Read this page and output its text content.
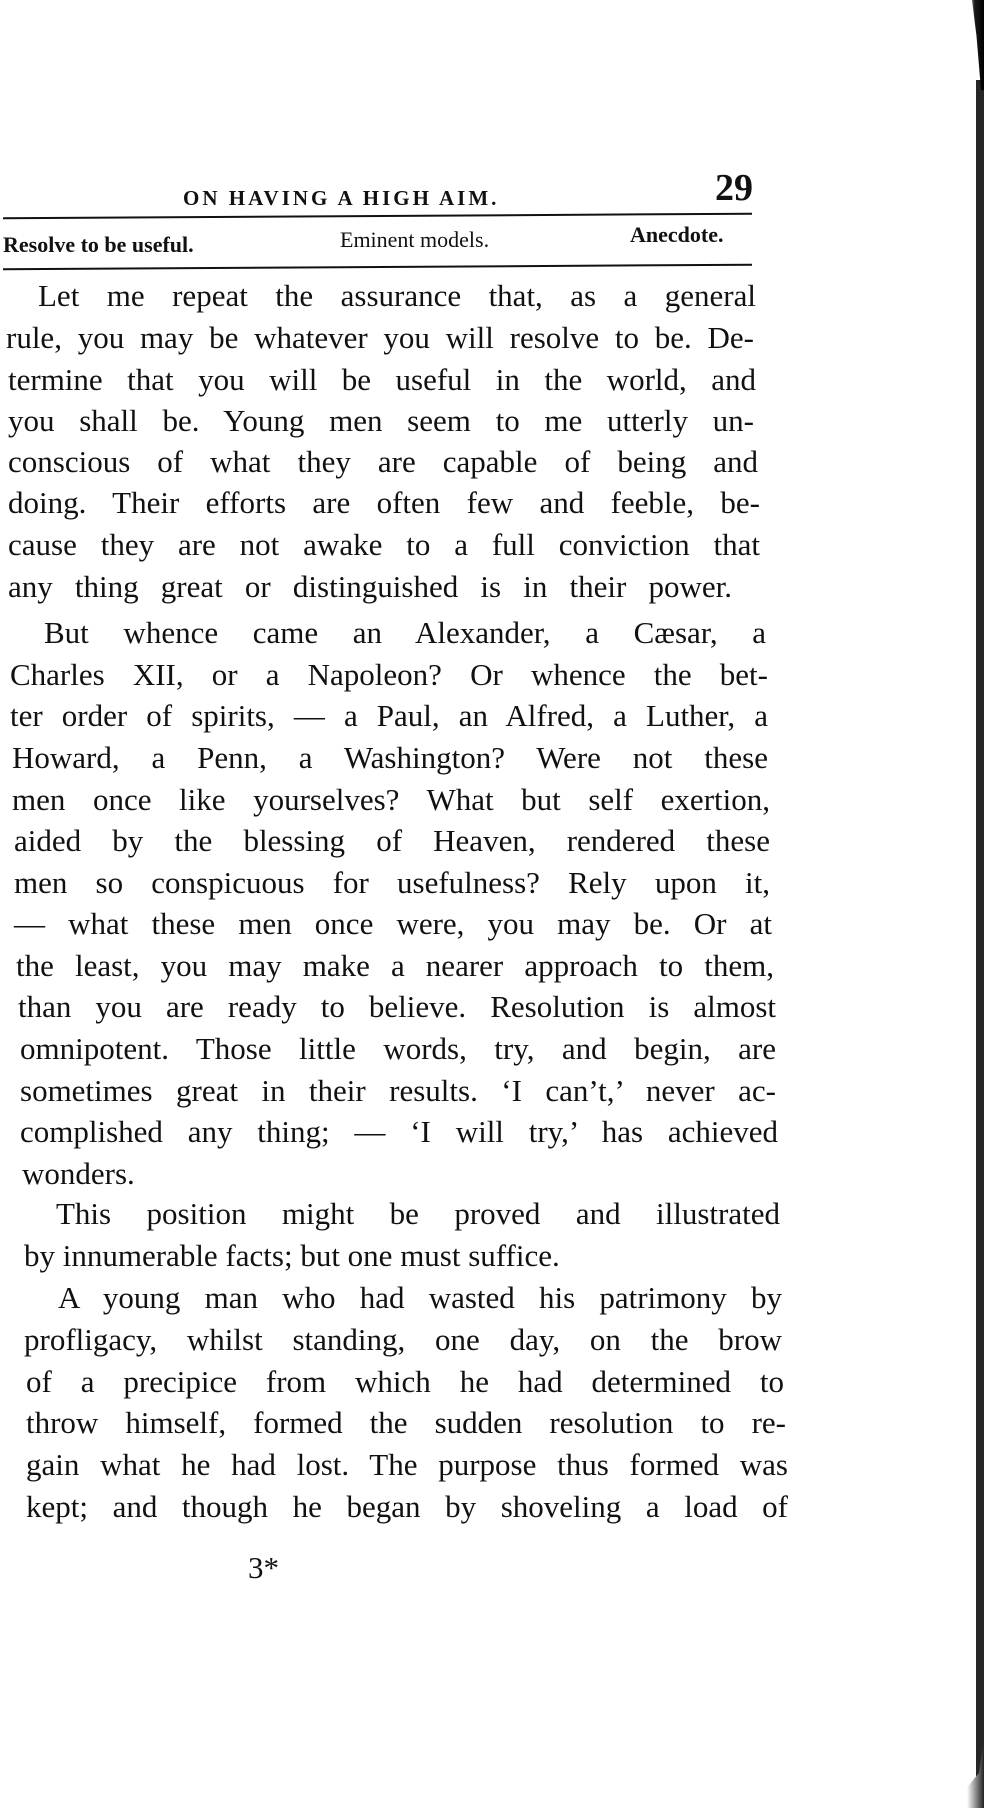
ON HAVING A HIGH AIM.	29
Resolve to be useful.	Eminent models.	Anecdote.
Let me repeat the assurance that, as a general
rule, you may be whatever you will resolve to be. De-
termine that you will be useful in the world, and
you shall be. Young men seem to me utterly un-
conscious of what they are capable of being and
doing. Their efforts are often few and feeble, be-
cause they are not awake to a full conviction that
any thing great or distinguished is in their power.
But whence came an Alexander, a Cæsar, a
Charles XII, or a Napoleon? Or whence the bet-
ter order of spirits, — a Paul, an Alfred, a Luther, a
Howard, a Penn, a Washington? Were not these
men once like yourselves? What but self exertion,
aided by the blessing of Heaven, rendered these
men so conspicuous for usefulness? Rely upon it,
— what these men once were, you may be. Or at
the least, you may make a nearer approach to them,
than you are ready to believe. Resolution is almost
omnipotent. Those little words, try, and begin, are
sometimes great in their results. ‘I can’t,’ never ac-
complished any thing; — ‘I will try,’ has achieved
wonders.
This position might be proved and illustrated
by innumerable facts; but one must suffice.
A young man who had wasted his patrimony by
profligacy, whilst standing, one day, on the brow
of a precipice from which he had determined to
throw himself, formed the sudden resolution to re-
gain what he had lost. The purpose thus formed was
kept; and though he began by shoveling a load of
3*
